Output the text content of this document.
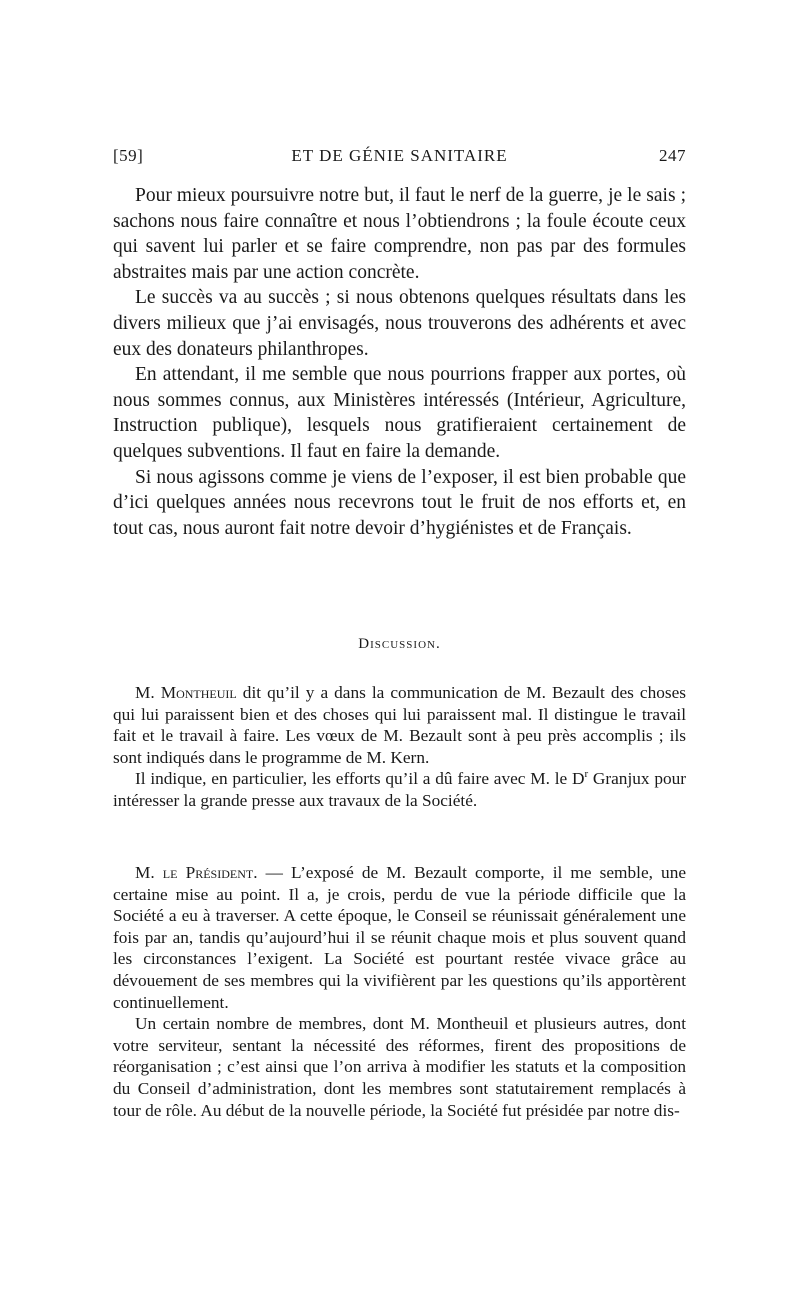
[59]	ET DE GÉNIE SANITAIRE	247

Pour mieux poursuivre notre but, il faut le nerf de la guerre, je le sais ; sachons nous faire connaître et nous l’obtiendrons ; la foule écoute ceux qui savent lui parler et se faire comprendre, non pas par des formules abstraites mais par une action concrète.

Le succès va au succès ; si nous obtenons quelques résultats dans les divers milieux que j’ai envisagés, nous trouverons des adhérents et avec eux des donateurs philanthropes.

En attendant, il me semble que nous pourrions frapper aux portes, où nous sommes connus, aux Ministères intéressés (Intérieur, Agriculture, Instruction publique), lesquels nous gratifieraient certainement de quelques subventions. Il faut en faire la demande.

Si nous agissons comme je viens de l’exposer, il est bien probable que d’ici quelques années nous recevrons tout le fruit de nos efforts et, en tout cas, nous auront fait notre devoir d’hygiénistes et de Français.

Discussion.

M. Montheuil dit qu’il y a dans la communication de M. Bezault des choses qui lui paraissent bien et des choses qui lui paraissent mal. Il distingue le travail fait et le travail à faire. Les vœux de M. Bezault sont à peu près accomplis ; ils sont indiqués dans le programme de M. Kern.

Il indique, en particulier, les efforts qu’il a dû faire avec M. le $D^r$ Granjux pour intéresser la grande presse aux travaux de la Société.

M. le Président. — L’exposé de M. Bezault comporte, il me semble, une certaine mise au point. Il a, je crois, perdu de vue la période difficile que la Société a eu à traverser. A cette époque, le Conseil se réunissait généralement une fois par an, tandis qu’aujourd’hui il se réunit chaque mois et plus souvent quand les circonstances l’exigent. La Société est pourtant restée vivace grâce au dévouement de ses membres qui la vivifièrent par les questions qu’ils apportèrent continuellement.

Un certain nombre de membres, dont M. Montheuil et plusieurs autres, dont votre serviteur, sentant la nécessité des réformes, firent des propositions de réorganisation ; c’est ainsi que l’on arriva à modifier les statuts et la composition du Conseil d’administration, dont les membres sont statutairement remplacés à tour de rôle. Au début de la nouvelle période, la Société fut présidée par notre dis-
